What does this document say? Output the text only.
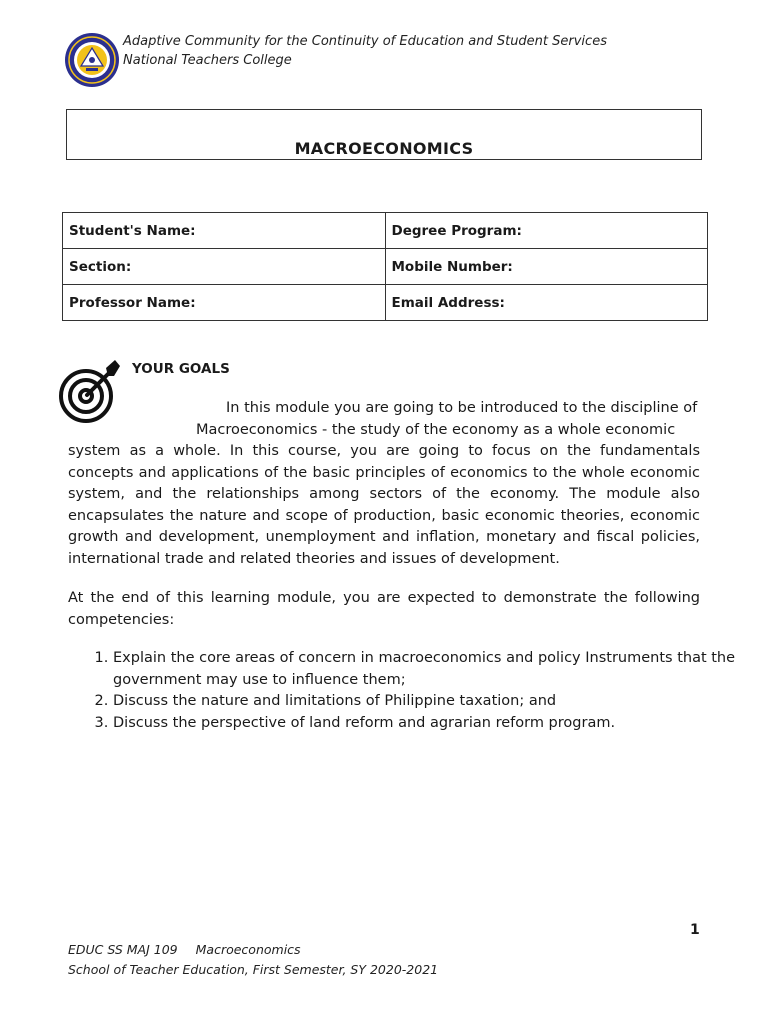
Adaptive Community for the Continuity of Education and Student Services
National Teachers College
MACROECONOMICS
Student's Name:	Degree Program:
Section:	Mobile Number:
Professor Name:	Email Address:
YOUR GOALS

In this module you are going to be introduced to the discipline of
Macroeconomics - the study of the economy as a whole economic
system as a whole. In this course, you are going to focus on the fundamentals concepts and applications of the basic principles of economics to the whole economic system, and the relationships among sectors of the economy. The module also encapsulates the nature and scope of production, basic economic theories, economic growth and development, unemployment and inflation, monetary and fiscal policies, international trade and related theories and issues of development.

At the end of this learning module, you are expected to demonstrate the following competencies:

1. Explain the core areas of concern in macroeconomics and policy Instruments that the government may use to influence them;
2. Discuss the nature and limitations of Philippine taxation; and
3. Discuss the perspective of land reform and agrarian reform program.
1
EDUC SS MAJ 109 Macroeconomics
School of Teacher Education, First Semester, SY 2020-2021
